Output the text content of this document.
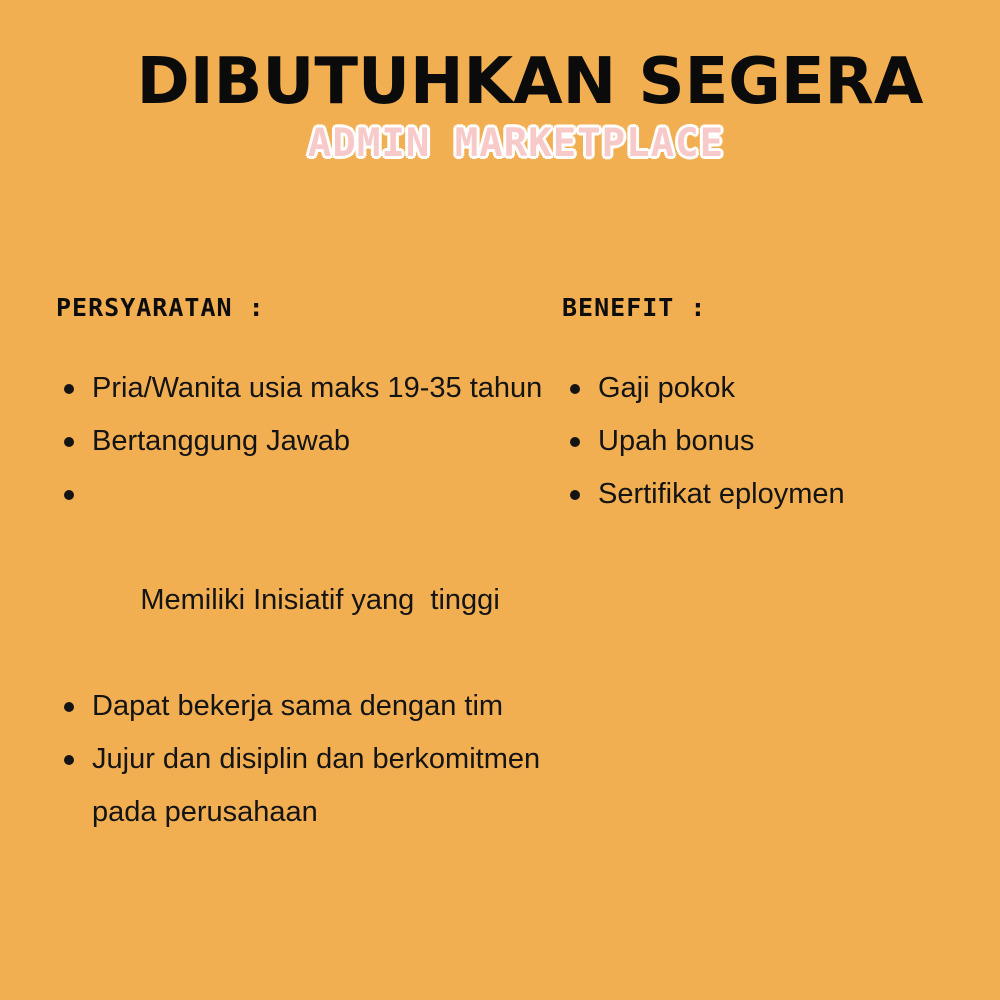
DIBUTUHKAN SEGERA
ADMIN MARKETPLACE
PERSYARATAN :
Pria/Wanita usia maks 19-35 tahun
Bertanggung Jawab

Memiliki Inisiatif yang  tinggi

Dapat bekerja sama dengan tim
Jujur dan disiplin dan berkomitmen pada perusahaan
BENEFIT :
Gaji pokok
Upah bonus
Sertifikat eploymen
